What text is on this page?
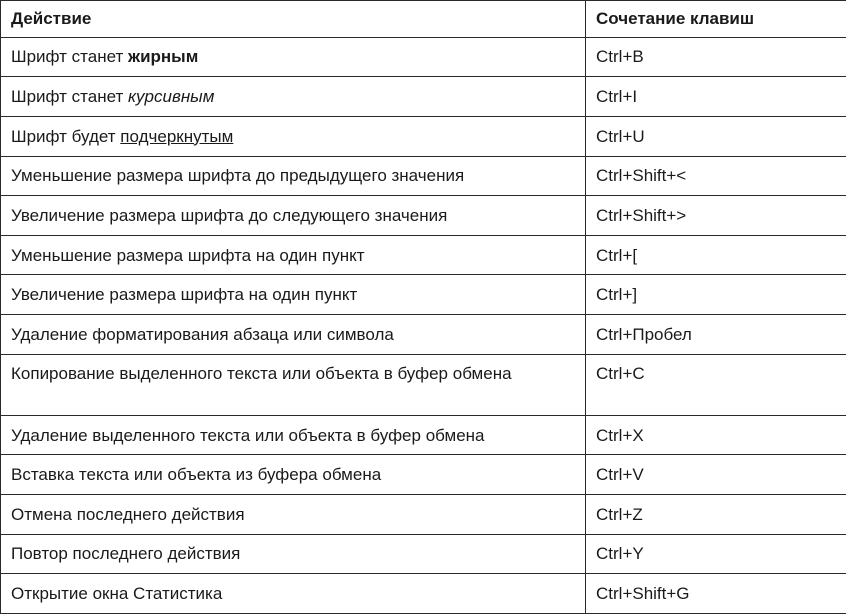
Действие	Сочетание клавиш
Шрифт станет жирным	Ctrl+B
Шрифт станет курсивным	Ctrl+I
Шрифт будет подчеркнутым	Ctrl+U
Уменьшение размера шрифта до предыдущего значения	Ctrl+Shift+<
Увеличение размера шрифта до следующего значения	Ctrl+Shift+>
Уменьшение размера шрифта на один пункт	Ctrl+[
Увеличение размера шрифта на один пункт	Ctrl+]
Удаление форматирования абзаца или символа	Ctrl+Пробел
Копирование выделенного текста или объекта в буфер обмена	Ctrl+C
Удаление выделенного текста или объекта в буфер обмена	Ctrl+X
Вставка текста или объекта из буфера обмена	Ctrl+V
Отмена последнего действия	Ctrl+Z
Повтор последнего действия	Ctrl+Y
Открытие окна Статистика	Ctrl+Shift+G
